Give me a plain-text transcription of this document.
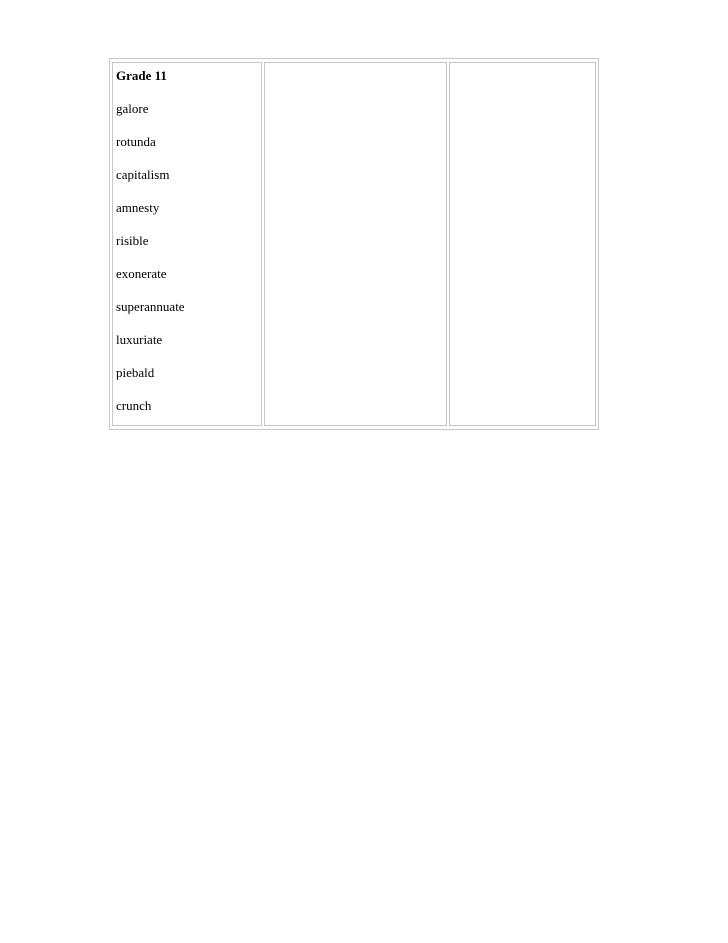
Grade 11
galore
rotunda
capitalism
amnesty
risible
exonerate
superannuate
luxuriate
piebald
crunch
